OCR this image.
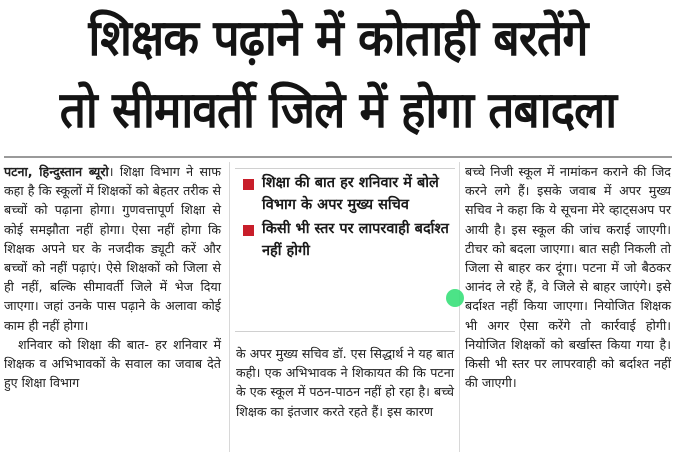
शिक्षक पढ़ाने में कोताही बरतेंगे
तो सीमावर्ती जिले में होगा तबादला

पटना, हिन्दुस्तान ब्यूरो। शिक्षा विभाग ने साफ कहा है कि स्कूलों में शिक्षकों को बेहतर तरीक से बच्चों को पढ़ाना होगा। गुणवत्तापूर्ण शिक्षा से कोई समझौता नहीं होगा। ऐसा नहीं होगा कि शिक्षक अपने घर के नजदीक ड्यूटी करें और बच्चों को नहीं पढ़ाएं। ऐसे शिक्षकों को जिला से ही नहीं, बल्कि सीमावर्ती जिले में भेज दिया जाएगा। जहां उनके पास पढ़ाने के अलावा कोई काम ही नहीं होगा।

शनिवार को शिक्षा की बात- हर शनिवार में शिक्षक व अभिभावकों के सवाल का जवाब देते हुए शिक्षा विभाग

शिक्षा की बात हर शनिवार में बोले विभाग के अपर मुख्य सचिव
किसी भी स्तर पर लापरवाही बर्दाश्त नहीं होगी

के अपर मुख्य सचिव डॉ. एस सिद्धार्थ ने यह बात कही। एक अभिभावक ने शिकायत की कि पटना के एक स्कूल में पठन-पाठन नहीं हो रहा है। बच्चे शिक्षक का इंतजार करते रहते हैं। इस कारण

बच्चे निजी स्कूल में नामांकन कराने की जिद करने लगे हैं। इसके जवाब में अपर मुख्य सचिव ने कहा कि ये सूचना मेरे व्हाट्सअप पर आयी है। इस स्कूल की जांच कराई जाएगी। टीचर को बदला जाएगा। बात सही निकली तो जिला से बाहर कर दूंगा। पटना में जो बैठकर आनंद ले रहे हैं, वे जिले से बाहर जाएंगे। इसे बर्दाश्त नहीं किया जाएगा। नियोजित शिक्षक भी अगर ऐसा करेंगे तो कार्रवाई होगी। नियोजित शिक्षकों को बर्खास्त किया गया है। किसी भी स्तर पर लापरवाही को बर्दाश्त नहीं की जाएगी।
